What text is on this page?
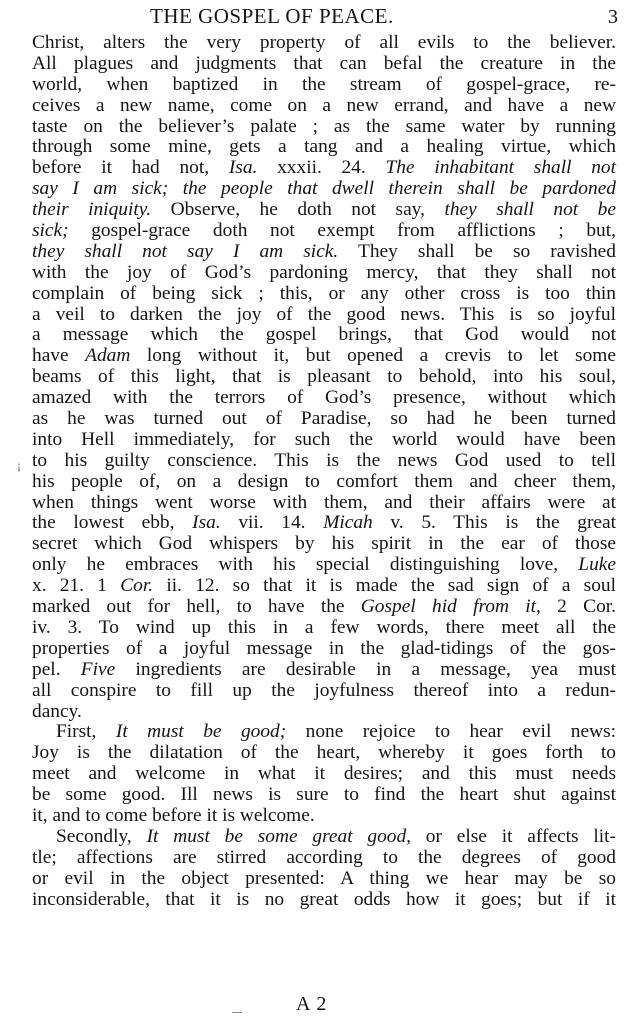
THE GOSPEL OF PEACE.	3
¡
Christ, alters the very property of all evils to the believer.
All plagues and judgments that can befal the creature in the
world, when baptized in the stream of gospel-grace, re-
ceives a new name, come on a new errand, and have a new
taste on the believer’s palate ; as the same water by running
through some mine, gets a tang and a healing virtue, which
before it had not, Isa. xxxii. 24. The inhabitant shall not
say I am sick; the people that dwell therein shall be pardoned
their iniquity. Observe, he doth not say, they shall not be
sick; gospel-grace doth not exempt from afflictions ; but,
they shall not say I am sick. They shall be so ravished
with the joy of God’s pardoning mercy, that they shall not
complain of being sick ; this, or any other cross is too thin
a veil to darken the joy of the good news. This is so joyful
a message which the gospel brings, that God would not
have Adam long without it, but opened a crevis to let some
beams of this light, that is pleasant to behold, into his soul,
amazed with the terrors of God’s presence, without which
as he was turned out of Paradise, so had he been turned
into Hell immediately, for such the world would have been
to his guilty conscience. This is the news God used to tell
his people of, on a design to comfort them and cheer them,
when things went worse with them, and their affairs were at
the lowest ebb, Isa. vii. 14. Micah v. 5. This is the great
secret which God whispers by his spirit in the ear of those
only he embraces with his special distinguishing love, Luke
x. 21. 1 Cor. ii. 12. so that it is made the sad sign of a soul
marked out for hell, to have the Gospel hid from it, 2 Cor.
iv. 3. To wind up this in a few words, there meet all the
properties of a joyful message in the glad-tidings of the gos-
pel. Five ingredients are desirable in a message, yea must
all conspire to fill up the joyfulness thereof into a redun-
dancy.
First, It must be good; none rejoice to hear evil news:
Joy is the dilatation of the heart, whereby it goes forth to
meet and welcome in what it desires; and this must needs
be some good. Ill news is sure to find the heart shut against
it, and to come before it is welcome.
Secondly, It must be some great good, or else it affects lit-
tle; affections are stirred according to the degrees of good
or evil in the object presented: A thing we hear may be so
inconsiderable, that it is no great odds how it goes; but if it
A 2
